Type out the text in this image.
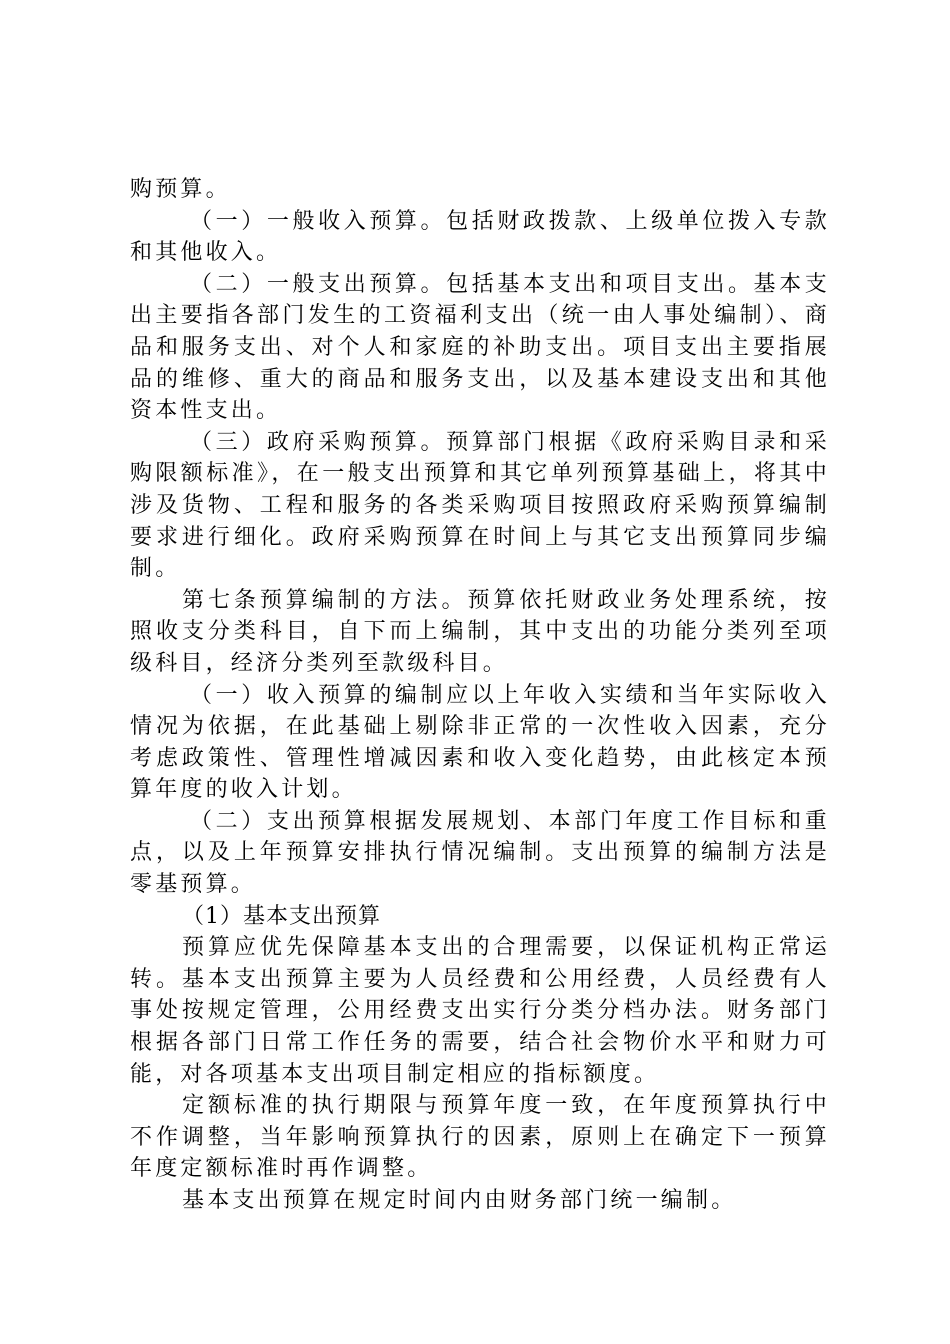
购预算。

（一）一般收入预算。包括财政拨款、上级单位拨入专款和其他收入。

（二）一般支出预算。包括基本支出和项目支出。基本支出主要指各部门发生的工资福利支出（统一由人事处编制）、商品和服务支出、对个人和家庭的补助支出。项目支出主要指展品的维修、重大的商品和服务支出，以及基本建设支出和其他资本性支出。

（三）政府采购预算。预算部门根据《政府采购目录和采购限额标准》，在一般支出预算和其它单列预算基础上，将其中涉及货物、工程和服务的各类采购项目按照政府采购预算编制要求进行细化。政府采购预算在时间上与其它支出预算同步编制。

第七条预算编制的方法。预算依托财政业务处理系统，按照收支分类科目，自下而上编制，其中支出的功能分类列至项级科目，经济分类列至款级科目。

（一）收入预算的编制应以上年收入实绩和当年实际收入情况为依据，在此基础上剔除非正常的一次性收入因素，充分考虑政策性、管理性增减因素和收入变化趋势，由此核定本预算年度的收入计划。

（二）支出预算根据发展规划、本部门年度工作目标和重点，以及上年预算安排执行情况编制。支出预算的编制方法是零基预算。

（1）基本支出预算

预算应优先保障基本支出的合理需要，以保证机构正常运转。基本支出预算主要为人员经费和公用经费，人员经费有人事处按规定管理，公用经费支出实行分类分档办法。财务部门根据各部门日常工作任务的需要，结合社会物价水平和财力可能，对各项基本支出项目制定相应的指标额度。

定额标准的执行期限与预算年度一致，在年度预算执行中不作调整，当年影响预算执行的因素，原则上在确定下一预算年度定额标准时再作调整。

基本支出预算在规定时间内由财务部门统一编制。
